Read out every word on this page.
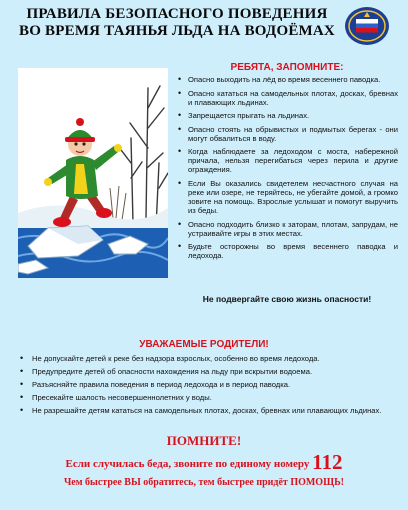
ПРАВИЛА БЕЗОПАСНОГО ПОВЕДЕНИЯ
ВО ВРЕМЯ ТАЯНЬЯ ЛЬДА НА ВОДОЁМАХ
РЕБЯТА, ЗАПОМНИТЕ:
• Опасно выходить на лёд во время весеннего паводка.
• Опасно кататься на самодельных плотах, досках, бревнах и плавающих льдинах.
• Запрещается прыгать на льдинах.
• Опасно стоять на обрывистых и подмытых берегах - они могут обвалиться в воду.
• Когда наблюдаете за ледоходом с моста, набережной причала, нельзя перегибаться через перила и другие ограждения.
• Если Вы оказались свидетелем несчастного случая на реке или озере, не теряйтесь, не убегайте домой, а громко зовите на помощь. Взрослые услышат и помогут выручить из беды.
• Опасно подходить близко к заторам, плотам, запрудам, не устраивайте игры в этих местах.
• Будьте осторожны во время весеннего паводка и ледохода.
Не подвергайте свою жизнь опасности!
УВАЖАЕМЫЕ РОДИТЕЛИ!
• Не допускайте детей к реке без надзора взрослых, особенно во время ледохода.
• Предупредите детей об опасности нахождения на льду при вскрытии водоема.
• Разъясняйте правила поведения в период ледохода и в период паводка.
• Пресекайте шалость несовершеннолетних у воды.
• Не разрешайте детям кататься на самодельных плотах, досках, бревнах или плавающих льдинах.
ПОМНИТЕ!
Если случилась беда, звоните по единому номеру 112
Чем быстрее ВЫ обратитесь, тем быстрее придёт ПОМОЩЬ!
